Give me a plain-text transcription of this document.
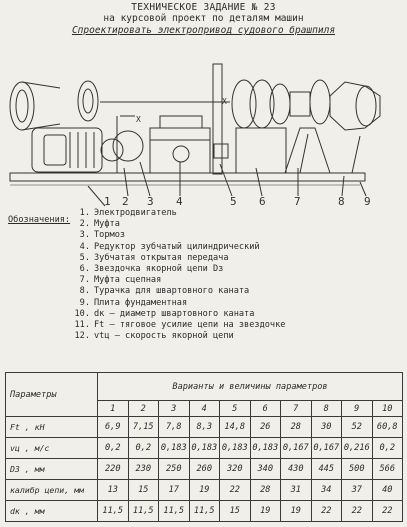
ТЕХНИЧЕСКОЕ ЗАДАНИЕ № 23
на курсовой проект по деталям машин
Спроектировать электропривод судового брашпиля
1 2 3 4	5 6	7	8 9
X
X
Обозначения:
1. Электродвигатель
2. Муфта
3. Тормоз
4. Редуктор зубчатый цилиндрический
5. Зубчатая открытая передача
6. Звездочка якорной цепи Dз
7. Муфта сцепная
8. Турачка для швартовного каната
9. Плита фундаментная
10. dк – диаметр швартовного каната
11. Ft – тяговое усилие цепи на звездочке
12. vtц – скорость якорной цепи
Параметры	Варианты и величины параметров									
	1	2	3	4	5	6	7	8	9	10
Ft , кН	6,9	7,15	7,8	8,3	14,8	26	28	30	52	60,8
vц , м/с	0,2	0,2	0,183	0,183	0,183	0,183	0,167	0,167	0,216	0,2
D3 , мм	220	230	250	260	320	340	430	445	500	566
калибр цепи, мм	13	15	17	19	22	28	31	34	37	40
dк , мм	11,5	11,5	11,5	11,5	15	19	19	22	22	22
